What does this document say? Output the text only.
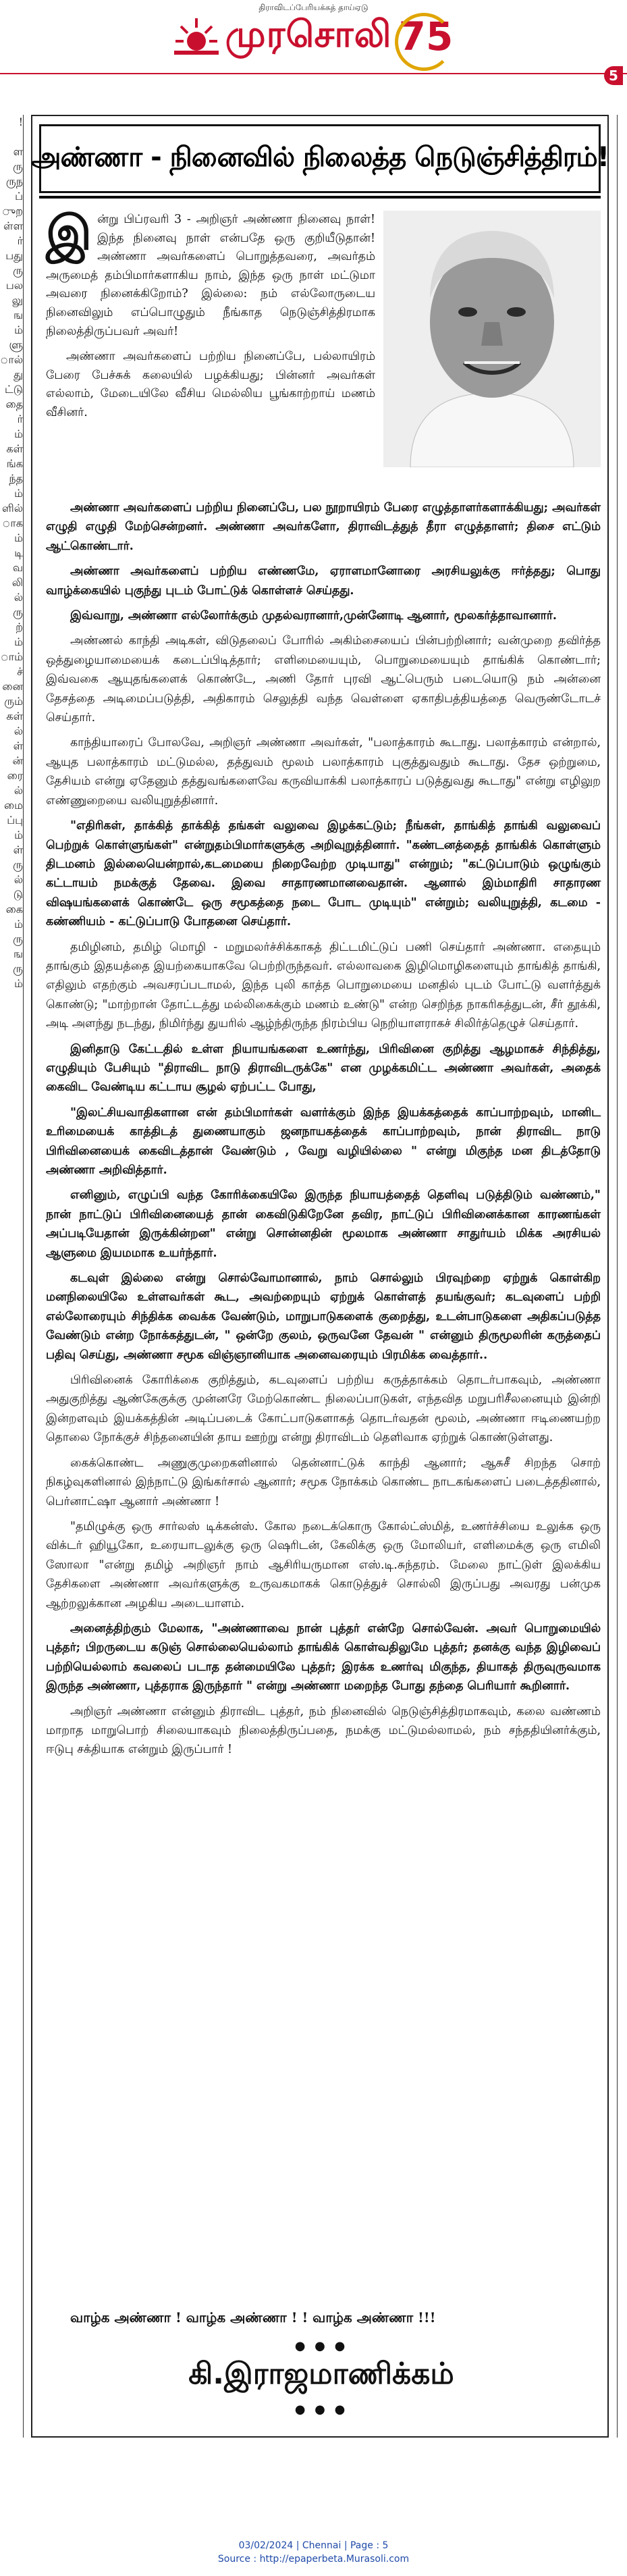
திராவிடப்பேரியக்கத் தாய்ஏடு
முரசொலி 75
5
!

ள
ரு
ருந
ப்
ுற
ள்ள
ர்
பது
ரு
பல
லு
ங
ம்
ளு
ால்
து
ட்டு
தை
ர்
ம்
கள்
ங்க
ந்த
ம்
ளில்
ாக
ம்
டி
வ
லி
ல்
ரு
ற்
ம்
ாம்
ச்
னை
ரும்
கள்
ல்
ள்
ன்
ரை
ல்
மை
ப்பு
ம்
ள்
ரு
ல்
டு
கை
ம்
ரு
ங
ரு
ம்
அண்ணா - நினைவில் நிலைத்த நெடுஞ்சித்திரம்!

இன்று பிப்ரவரி 3 - அறிஞர் அண்ணா நினைவு நாள்! இந்த நினைவு நாள் என்பதே ஒரு குறியீடுதான்! அண்ணா அவர்களைப் பொறுத்தவரை, அவர்தம் அருமைத் தம்பிமார்களாகிய நாம், இந்த ஒரு நாள் மட்டுமா அவரை நினைக்கிறோம்? இல்லை: நம் எல்லோருடைய நினைவிலும் எப்பொழுதும் நீங்காத நெடுஞ்சித்திரமாக நிலைத்திருப்பவர் அவர்!

அண்ணா அவர்களைப் பற்றிய நினைப்பே, பல்லாயிரம் பேரை பேச்சுக் கலையில் பழக்கியது; பின்னர் அவர்கள் எல்லாம், மேடையிலே வீசிய மெல்லிய பூங்காற்றாய் மணம் வீசினர்.

அண்ணா அவர்களைப் பற்றிய நினைப்பே, பல நூறாயிரம் பேரை எழுத்தாளர்களாக்கியது; அவர்கள் எழுதி எழுதி மேற்சென்றனர். அண்ணா அவர்களோ, திராவிடத்துத் தீரா எழுத்தாளர்; திசை எட்டும் ஆட்கொண்டார்.

அண்ணா அவர்களைப் பற்றிய எண்ணமே, ஏராளமானோரை அரசியலுக்கு ஈர்த்தது; பொது வாழ்க்கையில் புகுந்து புடம் போட்டுக் கொள்ளச் செய்தது.

இவ்வாறு, அண்ணா எல்லோர்க்கும் முதல்வரானார்,முன்னோடி ஆனார், மூலகர்த்தாவானார்.

அண்ணல் காந்தி அடிகள், விடுதலைப் போரில் அகிம்சையைப் பின்பற்றினார்; வன்முறை தவிர்த்த ஒத்துழையாமையைக் கடைப்பிடித்தார்; எளிமையையும், பொறுமையையும் தாங்கிக் கொண்டார்; இவ்வகை ஆயுதங்களைக் கொண்டே, அணி தோர் புரவி ஆட்பெரும் படையொடு நம் அன்னை தேசத்தை அடிமைப்படுத்தி, அதிகாரம் செலுத்தி வந்த வெள்ளை ஏகாதிபத்தியத்தை வெருண்டோடச் செய்தார்.

காந்தியாரைப் போலவே, அறிஞர் அண்ணா அவர்கள், "பலாத்காரம் கூடாது. பலாத்காரம் என்றால், ஆயுத பலாத்காரம் மட்டுமல்ல, தத்துவம் மூலம் பலாத்காரம் புகுத்துவதும் கூடாது. தேச ஒற்றுமை, தேசியம் என்று ஏதேனும் தத்துவங்களைவே கருவியாக்கி பலாத்காரப் படுத்துவது கூடாது" என்று எழிலுற எண்ணுறையை வலியுறுத்தினார்.

"எதிரிகள், தாக்கித் தாக்கித் தங்கள் வலுவை இழக்கட்டும்; நீங்கள், தாங்கித் தாங்கி வலுவைப் பெற்றுக் கொள்ளுங்கள்" என்றுதம்பிமார்களுக்கு அறிவுறுத்தினார். "கண்டனத்தைத் தாங்கிக் கொள்ளும் திடமனம் இல்லையென்றால்,கடமையை நிறைவேற்ற முடியாது" என்றும்; "கட்டுப்பாடும் ஒழுங்கும் கட்டாயம் நமக்குத் தேவை. இவை சாதாரணமானவைதான். ஆனால் இம்மாதிரி சாதாரண விஷயங்களைக் கொண்டே ஒரு சமூகத்தை நடை போட முடியும்" என்றும்; வலியுறுத்தி, கடமை - கண்ணியம் - கட்டுப்பாடு போதனை செய்தார்.

தமிழினம், தமிழ் மொழி - மறுமலர்ச்சிக்காகத் திட்டமிட்டுப் பணி செய்தார் அண்ணா. எதையும் தாங்கும் இதயத்தை இயற்கையாகவே பெற்றிருந்தவர். எல்லாவகை இழிமொழிகளையும் தாங்கித் தாங்கி, எதிலும் எதற்கும் அவசரப்படாமல், இந்த புலி காத்த பொறுமையை மனதில் புடம் போட்டு வளர்த்துக் கொண்டு; "மாற்றான் தோட்டத்து மல்லிகைக்கும் மணம் உண்டு" என்ற செறிந்த நாகரிகத்துடன், சீர் தூக்கி, அடி அளந்து நடந்து, நிமிர்ந்து துயரில் ஆழ்ந்திருந்த நிரம்பிய நெறியாளராகச் சிலிர்த்தெழுச் செய்தார்.

இனிதாடு கேட்டதில் உள்ள நியாயங்களை உணர்ந்து, பிரிவினை குறித்து ஆழமாகச் சிந்தித்து, எழுதியும் பேசியும் "திராவிட நாடு திராவிடருக்கே" என முழக்கமிட்ட அண்ணா அவர்கள், அதைக் கைவிட வேண்டிய கட்டாய சூழல் ஏற்பட்ட போது,

"இலட்சியவாதிகளான என் தம்பிமார்கள் வளர்க்கும் இந்த இயக்கத்தைக் காப்பாற்றவும், மானிட உரிமையைக் காத்திடத் துணையாகும் ஜனநாயகத்தைக் காப்பாற்றவும், நான் திராவிட நாடு பிரிவினையைக் கைவிடத்தான் வேண்டும் , வேறு வழியில்லை " என்று மிகுந்த மன திடத்தோடு அண்ணா அறிவித்தார்.

எனினும், எழுப்பி வந்த கோரிக்கையிலே இருந்த நியாயத்தைத் தெளிவு படுத்திடும் வண்ணம்," நான் நாட்டுப் பிரிவினையைத் தான் கைவிடுகிறேனே தவிர, நாட்டுப் பிரிவினைக்கான காரணங்கள் அப்படியேதான் இருக்கின்றன" என்று சொன்னதின் மூலமாக அண்ணா சாதுர்யம் மிக்க அரசியல் ஆளுமை இயமமாக உயர்ந்தார்.

கடவுள் இல்லை என்று சொல்வோமானால், நாம் சொல்லும் பிரவுற்றை ஏற்றுக் கொள்கிற மனநிலையிலே உள்ளவர்கள் கூட, அவற்றையும் ஏற்றுக் கொள்ளத் தயங்குவர்; கடவுளைப் பற்றி எல்லோரையும் சிந்திக்க வைக்க வேண்டும், மாறுபாடுகளைக் குறைத்து, உடன்பாடுகளை அதிகப்படுத்த வேண்டும் என்ற நோக்கத்துடன், " ஒன்றே குலம், ஒருவனே தேவன் " என்னும் திருமூலரின் கருத்தைப் பதிவு செய்து, அண்ணா சமூக விஞ்ஞானியாக அனைவரையும் பிரமிக்க வைத்தார்..

பிரிவினைக் கோரிக்கை குறித்தும், கடவுளைப் பற்றிய கருத்தாக்கம் தொடர்பாகவும், அண்ணா அதுகுறித்து ஆண்கேகுக்கு முன்னரே மேற்கொண்ட நிலைப்பாடுகள், எந்தவித மறுபரிசீலனையும் இன்றி இன்றளவும் இயக்கத்தின் அடிப்படைக் கோட்பாடுகளாகத் தொடர்வதன் மூலம், அண்ணா ஈடிணையற்ற தொலை நோக்குச் சிந்தனையின் தாய ஊற்று என்று திராவிடம் தெளிவாக ஏற்றுக் கொண்டுள்ளது.

கைக்கொண்ட அணுகுமுறைகளினால் தென்னாட்டுக் காந்தி ஆனார்; ஆசுசீ சிறந்த சொற் நிகழ்வுகளினால் இந்நாட்டு இங்கர்சால் ஆனார்; சமூக நோக்கம் கொண்ட நாடகங்களைப் படைத்ததினால், பெர்னாட்ஷா ஆனார் அண்ணா !

"தமிழுக்கு ஒரு சார்லஸ் டிக்கன்ஸ். கோல நடைக்கொரு கோல்ட்ஸ்மித், உணர்ச்சியை உலுக்க ஒரு விக்டர் ஹியூகோ, உரையாடலுக்கு ஒரு ஷெரிடன், கேலிக்கு ஒரு மோலியர், எளிமைக்கு ஒரு எமிலி ஸோலா "என்று தமிழ் அறிஞர் நாம் ஆசிரியருமான எஸ்.டி.சுந்தரம். மேலை நாட்டுள் இலக்கிய தேசிகளை அண்ணா அவர்களுக்கு உருவகமாகக் கொடுத்துச் சொல்லி இருப்பது அவரது பன்முக ஆற்றலுக்கான அழகிய அடையாளம்.

அனைத்திற்கும் மேலாக, "அண்ணாவை நான் புத்தர் என்றே சொல்வேன். அவர் பொறுமையில் புத்தர்; பிறருடைய கடுஞ் சொல்லையெல்லாம் தாங்கிக் கொள்வதிலுமே புத்தர்; தனக்கு வந்த இழிவைப் பற்றியெல்லாம் கவலைப் படாத தன்மையிலே புத்தர்; இரக்க உணர்வு மிகுந்த, தியாகத் திருவுருவமாக இருந்த அண்ணா, புத்தராக இருந்தார் " என்று அண்ணா மறைந்த போது தந்தை பெரியார் கூறினார்.

அறிஞர் அண்ணா என்னும் திராவிட புத்தர், நம் நினைவில் நெடுஞ்சித்திரமாகவும், கலை வண்ணம் மாறாத மாறுபொற் சிலையாகவும் நிலைத்திருப்பதை, நமக்கு மட்டுமல்லாமல், நம் சந்ததியினர்க்கும், ஈடுபு சக்தியாக என்றும் இருப்பார் !

வாழ்க அண்ணா ! வாழ்க அண்ணா ! ! வாழ்க அண்ணா !!!
● ● ●
கி.இராஜமாணிக்கம்
● ● ●
03/02/2024 | Chennai | Page : 5
Source : http://epaperbeta.Murasoli.com
